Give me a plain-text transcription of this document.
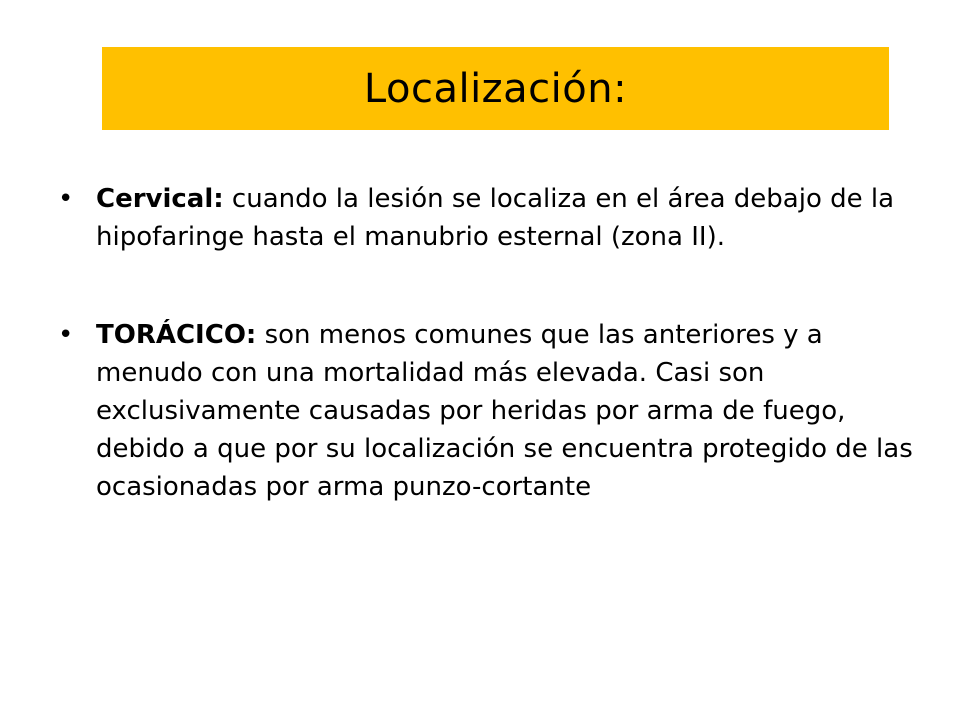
Localización:
• Cervical: cuando la lesión se localiza en el área debajo de la hipofaringe hasta el manubrio esternal (zona II).
• TORÁCICO: son menos comunes que las anteriores y a menudo con una mortalidad más elevada. Casi son exclusivamente causadas por heridas por arma de fuego, debido a que por su localización se encuentra protegido de las ocasionadas por arma punzo-cortante
